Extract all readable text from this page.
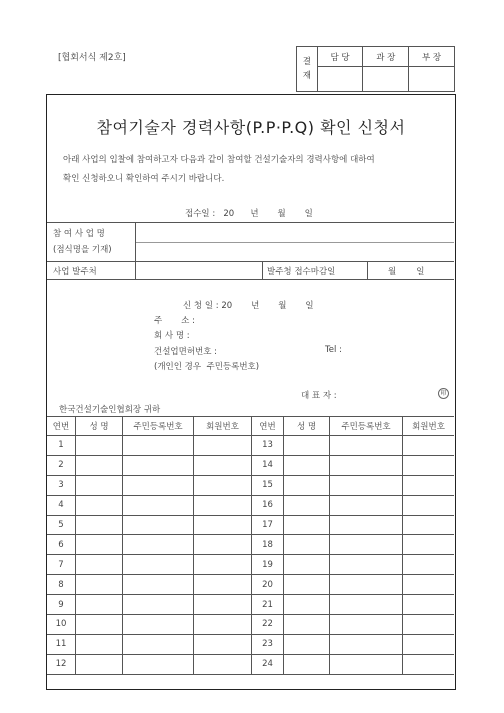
[협회서식 제2호]	결
재	담 당	과 장	부 장

참여기술자 경력사항(P.P·P.Q) 확인 신청서
아래 사업의 입찰에 참여하고자 다음과 같이 참여할 건설기술자의 경력사항에 대하여
확인 신청하오니 확인하여 주시기 바랍니다.
접수일 : 20 년 월 일
참 여 사 업 명
(점식명을 기재)			

사업 발주처		발주청 접수마감일	월 일
신 청 일 : 20 년 월 일
주       소 :
회 사 명 :
건설업면허번호 :	Tel :
(개인인 경우  주민등록번호)
대 표 자 :	印
한국건설기술인협회장 귀하
연번	성 명	주민등록번호	회원번호	연번	성 명	주민등록번호	회원번호
1				13			
2				14			
3				15			
4				16			
5				17			
6				18			
7				19			
8				20			
9				21			
10				22			
11				23			
12				24			
